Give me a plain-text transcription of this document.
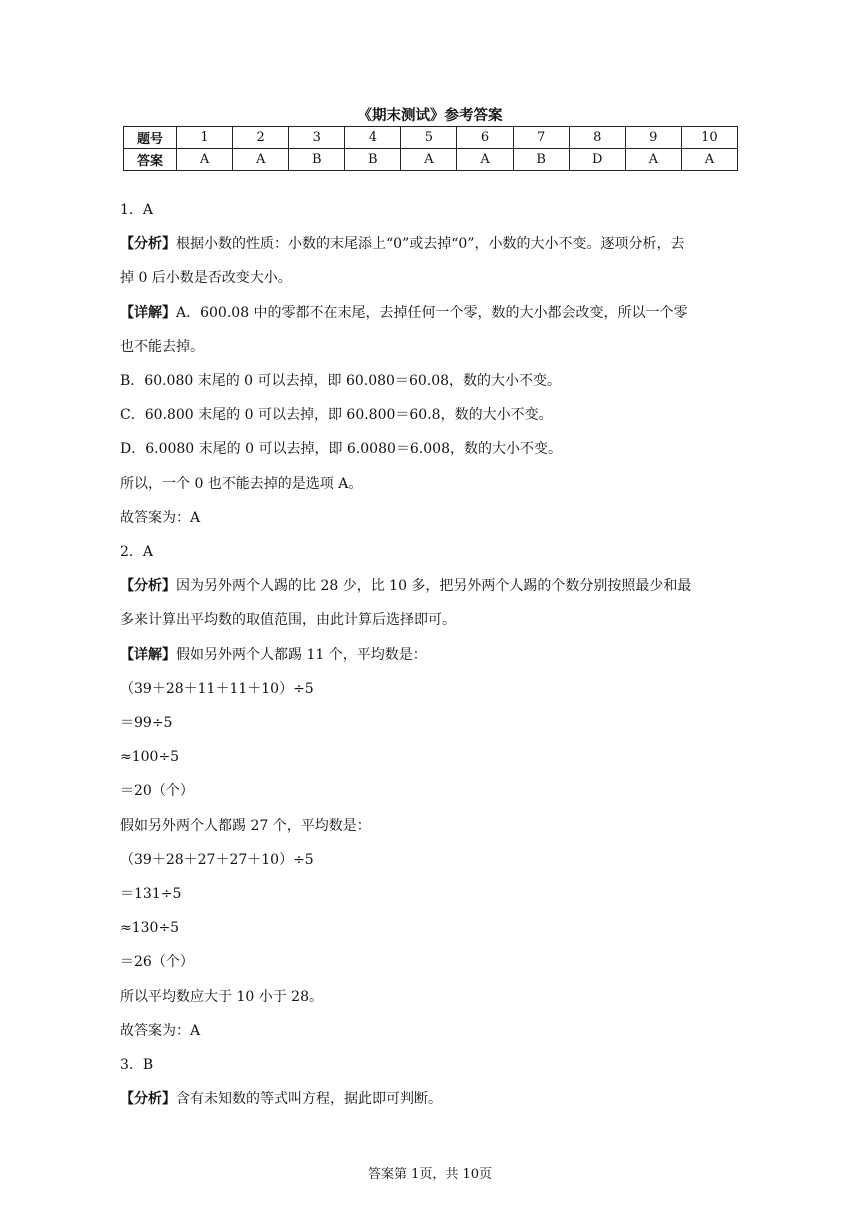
《期末测试》参考答案
题号	1	2	3	4	5	6	7	8	9	10
答案	A	A	B	B	A	A	B	D	A	A
1．A
【分析】根据小数的性质：小数的末尾添上“0”或去掉“0”，小数的大小不变。逐项分析，去
掉 0 后小数是否改变大小。
【详解】A．600.08 中的零都不在末尾，去掉任何一个零，数的大小都会改变，所以一个零
也不能去掉。
B．60.080 末尾的 0 可以去掉，即 60.080＝60.08，数的大小不变。
C．60.800 末尾的 0 可以去掉，即 60.800＝60.8，数的大小不变。
D．6.0080 末尾的 0 可以去掉，即 6.0080＝6.008，数的大小不变。
所以，一个 0 也不能去掉的是选项 A。
故答案为：A
2．A
【分析】因为另外两个人踢的比 28 少，比 10 多，把另外两个人踢的个数分别按照最少和最
多来计算出平均数的取值范围，由此计算后选择即可。
【详解】假如另外两个人都踢 11 个，平均数是：
（39＋28＋11＋11＋10）÷5
＝99÷5
≈100÷5
＝20（个）
假如另外两个人都踢 27 个，平均数是：
（39＋28＋27＋27＋10）÷5
＝131÷5
≈130÷5
＝26（个）
所以平均数应大于 10 小于 28。
故答案为：A
3．B
【分析】含有未知数的等式叫方程，据此即可判断。
答案第 1页，共 10页
